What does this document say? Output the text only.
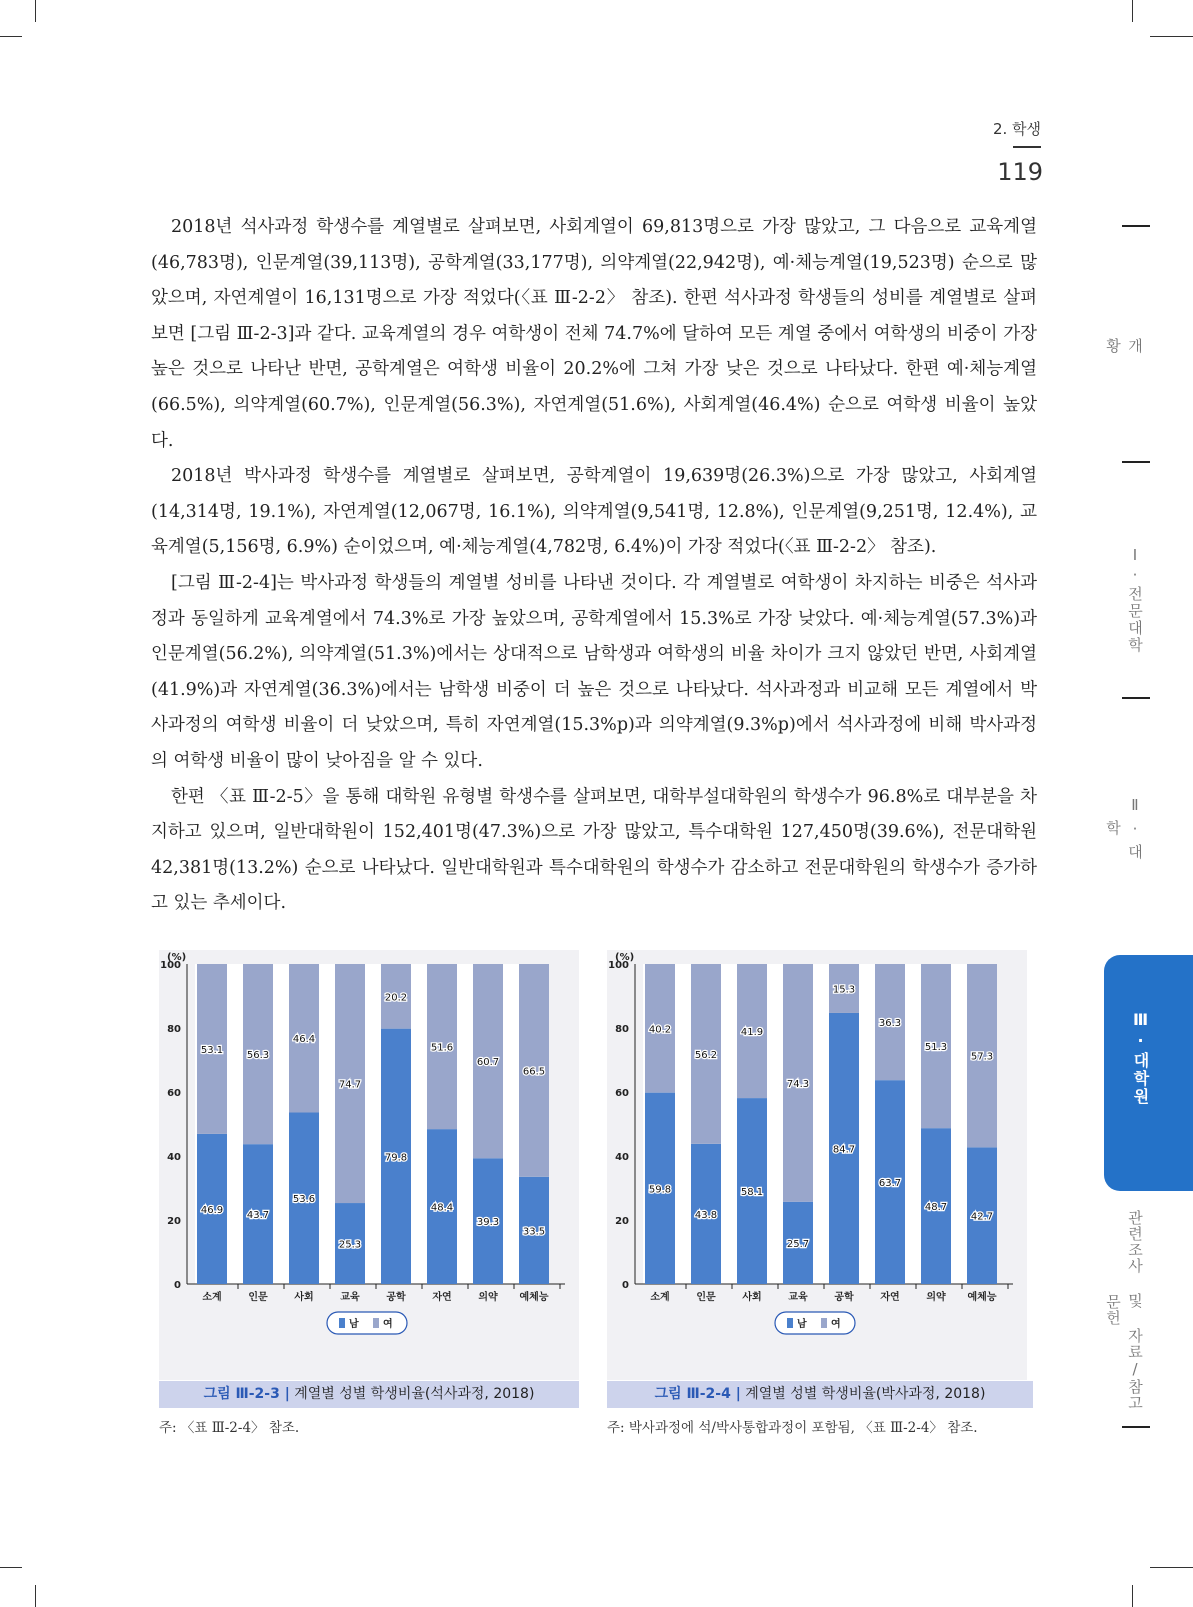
2. 학생
119

2018년 석사과정 학생수를 계열별로 살펴보면, 사회계열이 69,813명으로 가장 많았고, 그 다음으로 교육계열(46,783명), 인문계열(39,113명), 공학계열(33,177명), 의약계열(22,942명), 예·체능계열(19,523명) 순으로 많았으며, 자연계열이 16,131명으로 가장 적었다(〈표 Ⅲ-2-2〉 참조). 한편 석사과정 학생들의 성비를 계열별로 살펴보면 [그림 Ⅲ-2-3]과 같다. 교육계열의 경우 여학생이 전체 74.7%에 달하여 모든 계열 중에서 여학생의 비중이 가장 높은 것으로 나타난 반면, 공학계열은 여학생 비율이 20.2%에 그쳐 가장 낮은 것으로 나타났다. 한편 예·체능계열(66.5%), 의약계열(60.7%), 인문계열(56.3%), 자연계열(51.6%), 사회계열(46.4%) 순으로 여학생 비율이 높았다.

2018년 박사과정 학생수를 계열별로 살펴보면, 공학계열이 19,639명(26.3%)으로 가장 많았고, 사회계열(14,314명, 19.1%), 자연계열(12,067명, 16.1%), 의약계열(9,541명, 12.8%), 인문계열(9,251명, 12.4%), 교육계열(5,156명, 6.9%) 순이었으며, 예·체능계열(4,782명, 6.4%)이 가장 적었다(〈표 Ⅲ-2-2〉 참조).

[그림 Ⅲ-2-4]는 박사과정 학생들의 계열별 성비를 나타낸 것이다. 각 계열별로 여학생이 차지하는 비중은 석사과정과 동일하게 교육계열에서 74.3%로 가장 높았으며, 공학계열에서 15.3%로 가장 낮았다. 예·체능계열(57.3%)과 인문계열(56.2%), 의약계열(51.3%)에서는 상대적으로 남학생과 여학생의 비율 차이가 크지 않았던 반면, 사회계열(41.9%)과 자연계열(36.3%)에서는 남학생 비중이 더 높은 것으로 나타났다. 석사과정과 비교해 모든 계열에서 박사과정의 여학생 비율이 더 낮았으며, 특히 자연계열(15.3%p)과 의약계열(9.3%p)에서 석사과정에 비해 박사과정의 여학생 비율이 많이 낮아짐을 알 수 있다.

한편 〈표 Ⅲ-2-5〉을 통해 대학원 유형별 학생수를 살펴보면, 대학부설대학원의 학생수가 96.8%로 대부분을 차지하고 있으며, 일반대학원이 152,401명(47.3%)으로 가장 많았고, 특수대학원 127,450명(39.6%), 전문대학원 42,381명(13.2%) 순으로 나타났다. 일반대학원과 특수대학원의 학생수가 감소하고 전문대학원의 학생수가 증가하고 있는 추세이다.

개 황
Ⅰ·전문대학
Ⅱ·대 학
Ⅲ·대학원
관련조사 및 자료/참고문헌
(%)
0
20
40
60
80
100
46.9
53.1
소계
43.7
56.3
인문
53.6
46.4
사회
25.3
74.7
교육
79.8
20.2
공학
48.4
51.6
자연
39.3
60.7
의약
33.5
66.5
예체능
남 여
그림 Ⅲ-2-3 | 계열별 성별 학생비율(석사과정, 2018)
주: 〈표 Ⅲ-2-4〉 참조.
(%)
0
20
40
60
80
100
59.8
40.2
소계
43.8
56.2
인문
58.1
41.9
사회
25.7
74.3
교육
84.7
15.3
공학
63.7
36.3
자연
48.7
51.3
의약
42.7
57.3
예체능
남 여
그림 Ⅲ-2-4 | 계열별 성별 학생비율(박사과정, 2018)
주: 박사과정에 석/박사통합과정이 포함됨, 〈표 Ⅲ-2-4〉 참조.
